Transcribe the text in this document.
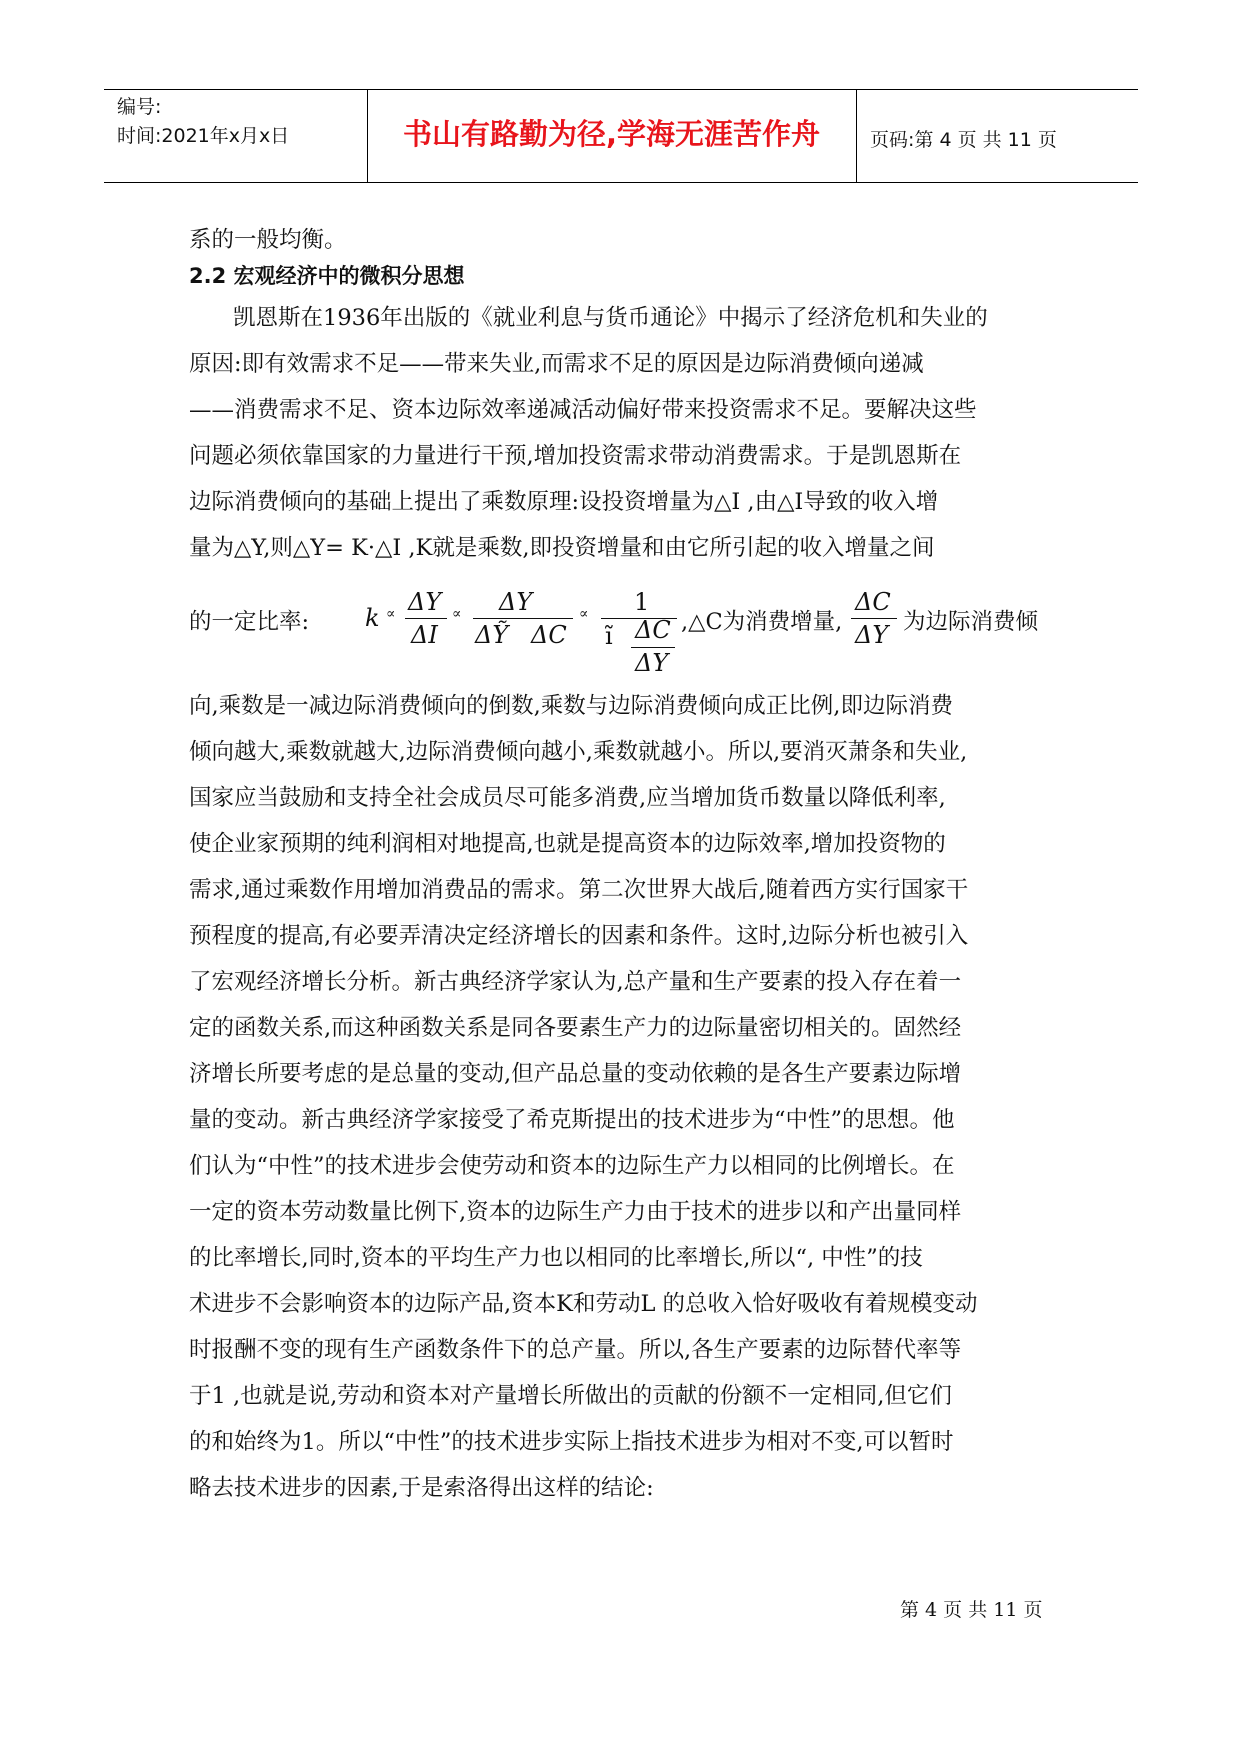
编号:
时间:2021年x月x日	书山有路勤为径,学海无涯苦作舟	页码:第 4 页 共 11 页
系的一般均衡。
2.2 宏观经济中的微积分思想
凯恩斯在1936年出版的《就业利息与货币通论》中揭示了经济危机和失业的
原因:即有效需求不足——带来失业,而需求不足的原因是边际消费倾向递减
——消费需求不足、资本边际效率递减活动偏好带来投资需求不足。要解决这些
问题必须依靠国家的力量进行干预,增加投资需求带动消费需求。于是凯恩斯在
边际消费倾向的基础上提出了乘数原理:设投资增量为△I ,由△I导致的收入增
量为△Y,则△Y= K·△I ,K就是乘数,即投资增量和由它所引起的收入增量之间
的一定比率: k ∝ ΔY
ΔI
∝ ΔY
ΔỸ ΔC
∝ 1
ĩ ΔC
ΔY
,△C为消费增量,
ΔC
ΔY 为边际消费倾
向,乘数是一减边际消费倾向的倒数,乘数与边际消费倾向成正比例,即边际消费
倾向越大,乘数就越大,边际消费倾向越小,乘数就越小。所以,要消灭萧条和失业,
国家应当鼓励和支持全社会成员尽可能多消费,应当增加货币数量以降低利率,
使企业家预期的纯利润相对地提高,也就是提高资本的边际效率,增加投资物的
需求,通过乘数作用增加消费品的需求。第二次世界大战后,随着西方实行国家干
预程度的提高,有必要弄清决定经济增长的因素和条件。这时,边际分析也被引入
了宏观经济增长分析。新古典经济学家认为,总产量和生产要素的投入存在着一
定的函数关系,而这种函数关系是同各要素生产力的边际量密切相关的。固然经
济增长所要考虑的是总量的变动,但产品总量的变动依赖的是各生产要素边际增
量的变动。新古典经济学家接受了希克斯提出的技术进步为“中性”的思想。他
们认为“中性”的技术进步会使劳动和资本的边际生产力以相同的比例增长。在
一定的资本劳动数量比例下,资本的边际生产力由于技术的进步以和产出量同样
的比率增长,同时,资本的平均生产力也以相同的比率增长,所以“, 中性”的技
术进步不会影响资本的边际产品,资本K和劳动L 的总收入恰好吸收有着规模变动
时报酬不变的现有生产函数条件下的总产量。所以,各生产要素的边际替代率等
于1 ,也就是说,劳动和资本对产量增长所做出的贡献的份额不一定相同,但它们
的和始终为1。所以“中性”的技术进步实际上指技术进步为相对不变,可以暂时
略去技术进步的因素,于是索洛得出这样的结论:
第 4 页 共 11 页
